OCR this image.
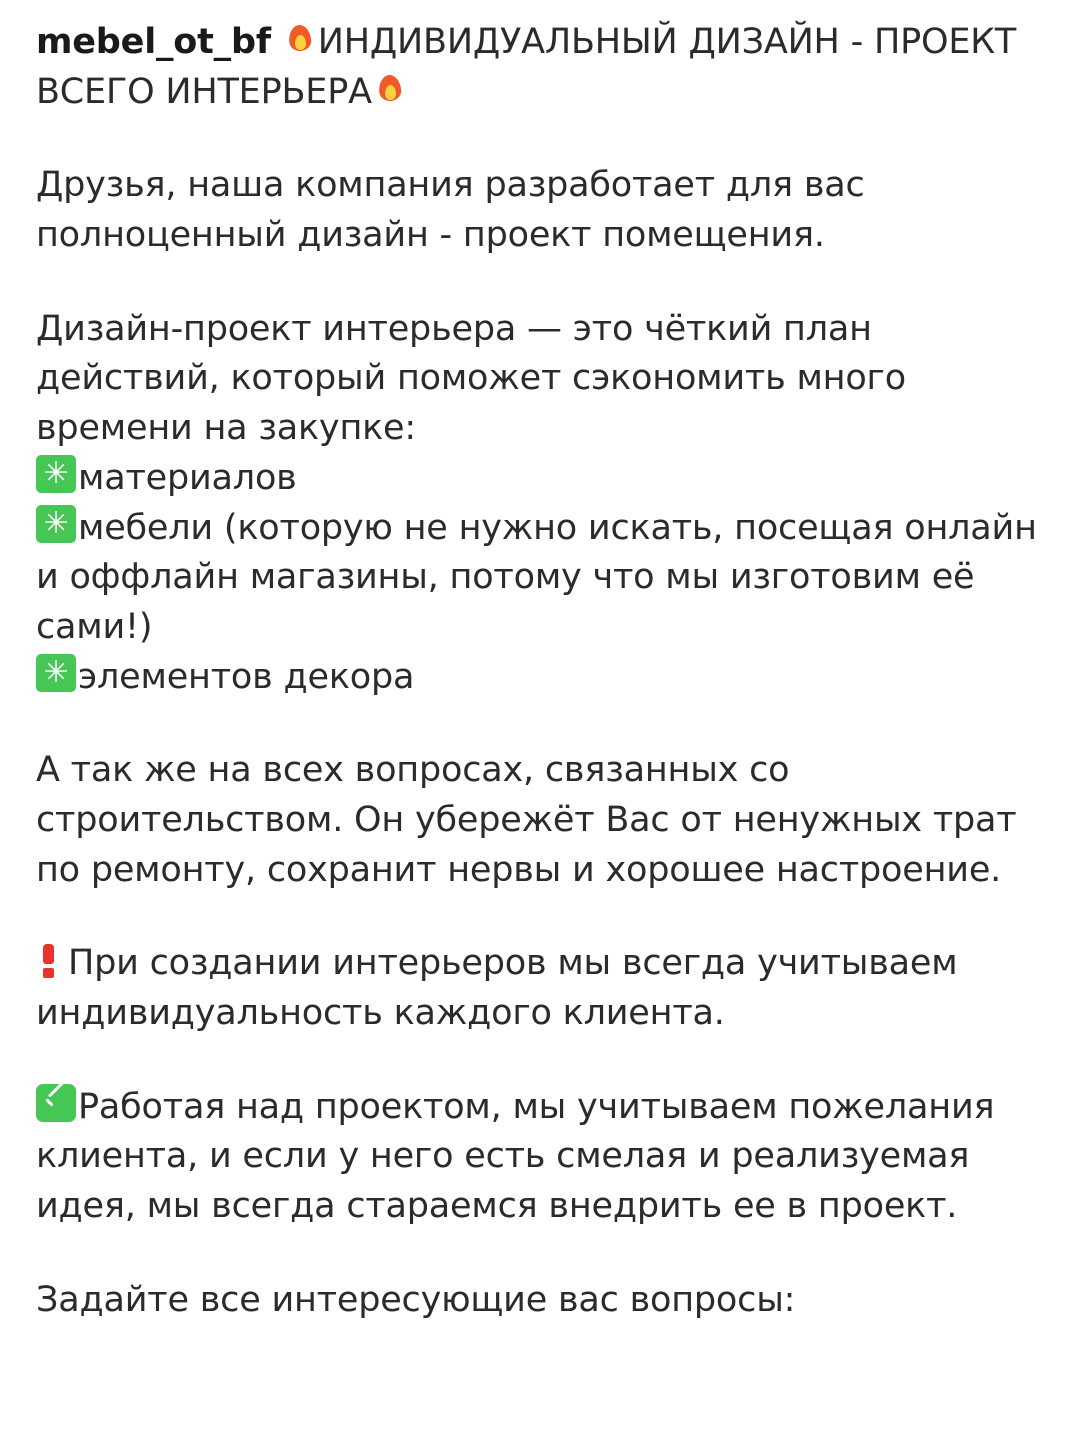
mebel_ot_bf ИНДИВИДУАЛЬНЫЙ ДИЗАЙН - ПРОЕКТ ВСЕГО ИНТЕРЬЕРА

Друзья, наша компания разработает для вас полноценный дизайн - проект помещения.

Дизайн-проект интерьера — это чёткий план действий, который поможет сэкономить много времени на закупке:

✳ материалов

✳ мебели (которую не нужно искать, посещая онлайн и оффлайн магазины, потому что мы изготовим её сами!)

✳ элементов декора

А так же на всех вопросах, связанных со строительством. Он убережёт Вас от ненужных трат по ремонту, сохранит нервы и хорошее настроение.

При создании интерьеров мы всегда учитываем индивидуальность каждого клиента.

Работая над проектом, мы учитываем пожелания клиента, и если у него есть смелая и реализуемая идея, мы всегда стараемся внедрить ее в проект.

Задайте все интересующие вас вопросы:
